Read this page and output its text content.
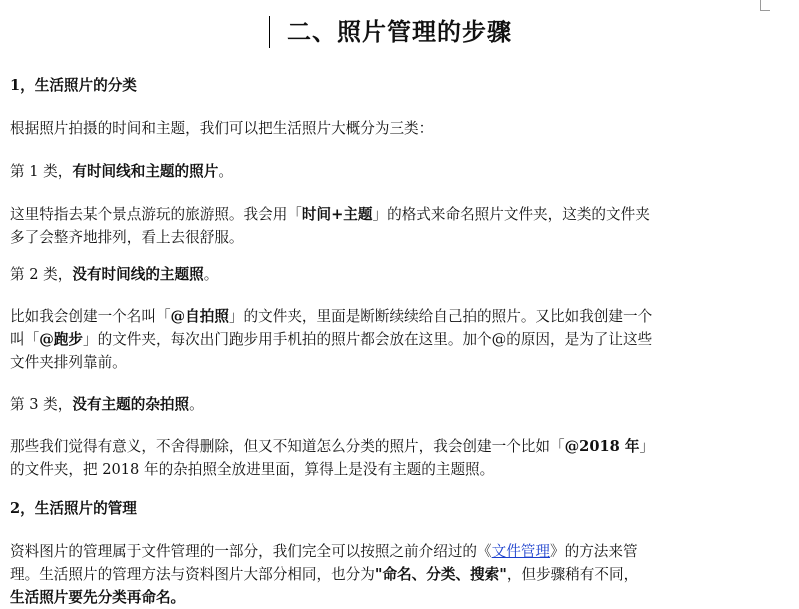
二、照片管理的步骤
1，生活照片的分类
根据照片拍摄的时间和主题，我们可以把生活照片大概分为三类：
第 1 类，有时间线和主题的照片。
这里特指去某个景点游玩的旅游照。我会用「时间+主题」的格式来命名照片文件夹，这类的文件夹
多了会整齐地排列，看上去很舒服。
第 2 类，没有时间线的主题照。
比如我会创建一个名叫「@自拍照」的文件夹，里面是断断续续给自己拍的照片。又比如我创建一个
叫「@跑步」的文件夹，每次出门跑步用手机拍的照片都会放在这里。加个@的原因，是为了让这些
文件夹排列靠前。
第 3 类，没有主题的杂拍照。
那些我们觉得有意义，不舍得删除，但又不知道怎么分类的照片，我会创建一个比如「@2018 年」
的文件夹，把 2018 年的杂拍照全放进里面，算得上是没有主题的主题照。
2，生活照片的管理
资料图片的管理属于文件管理的一部分，我们完全可以按照之前介绍过的《文件管理》的方法来管
理。生活照片的管理方法与资料图片大部分相同，也分为"命名、分类、搜索"，但步骤稍有不同，
生活照片要先分类再命名。
